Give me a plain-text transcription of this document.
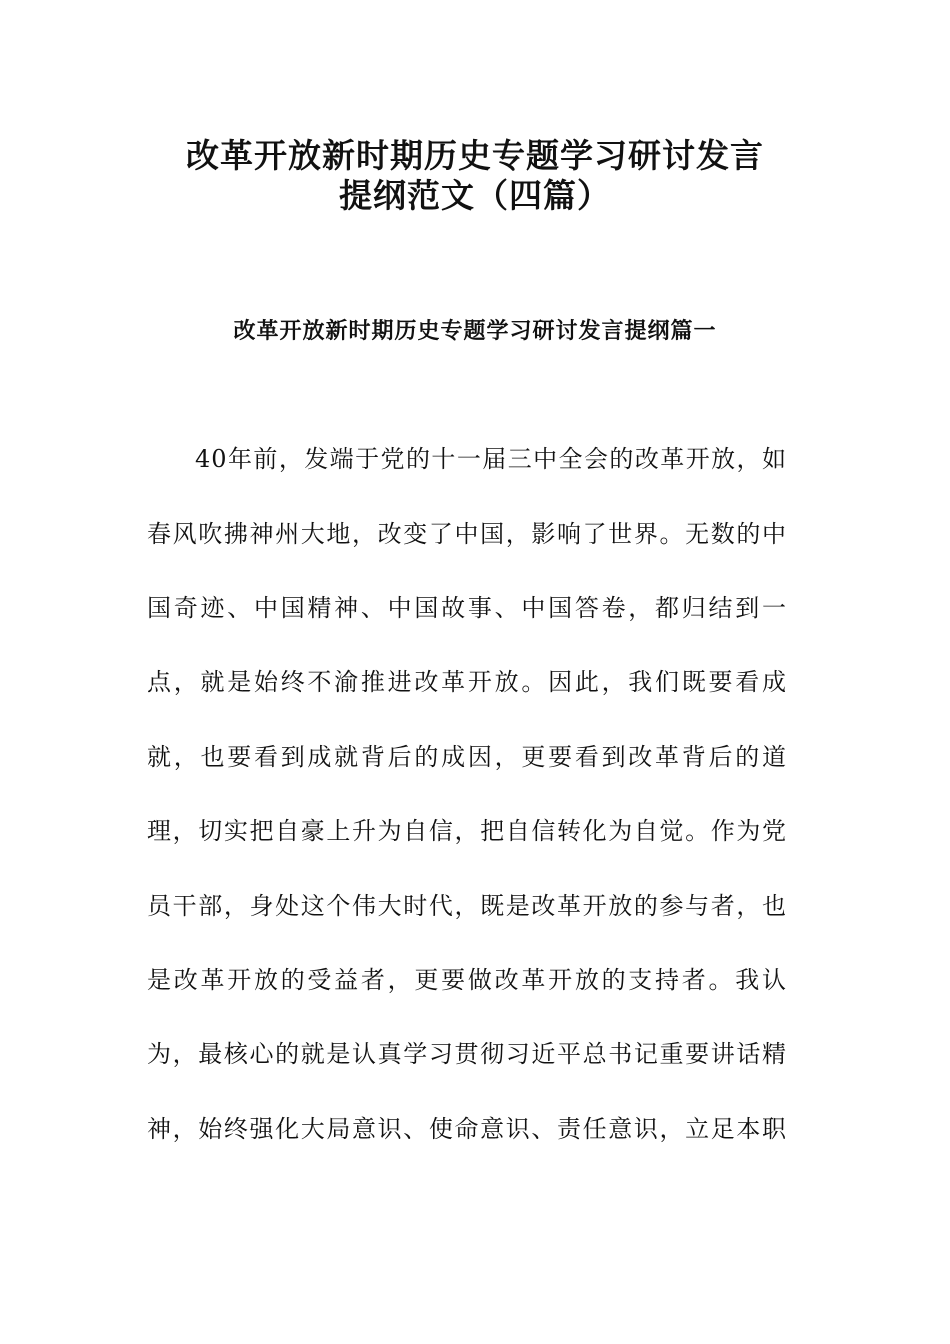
改革开放新时期历史专题学习研讨发言
提纲范文（四篇）
改革开放新时期历史专题学习研讨发言提纲篇一
40年前，发端于党的十一届三中全会的改革开放，如
春风吹拂神州大地，改变了中国，影响了世界。无数的中
国奇迹、中国精神、中国故事、中国答卷，都归结到一
点，就是始终不渝推进改革开放。因此，我们既要看成
就，也要看到成就背后的成因，更要看到改革背后的道
理，切实把自豪上升为自信，把自信转化为自觉。作为党
员干部，身处这个伟大时代，既是改革开放的参与者，也
是改革开放的受益者，更要做改革开放的支持者。我认
为，最核心的就是认真学习贯彻习近平总书记重要讲话精
神，始终强化大局意识、使命意识、责任意识，立足本职
